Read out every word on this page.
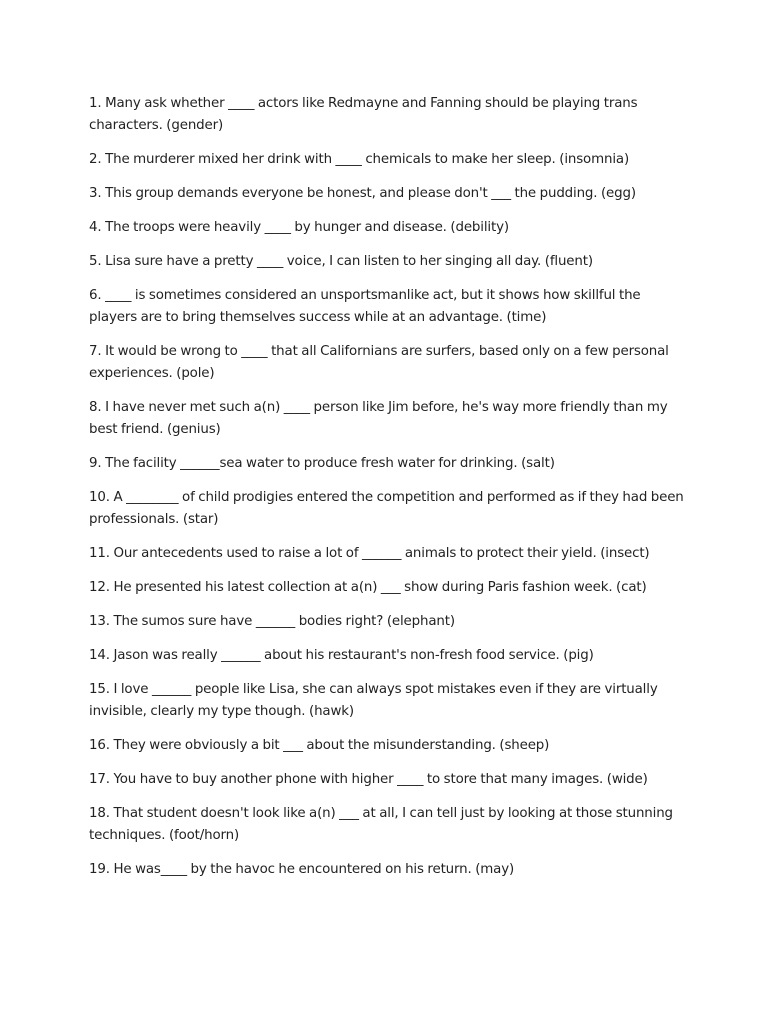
1. Many ask whether ____ actors like Redmayne and Fanning should be playing trans characters. (gender)
2. The murderer mixed her drink with ____ chemicals to make her sleep. (insomnia)
3. This group demands everyone be honest, and please don't ___ the pudding. (egg)
4. The troops were heavily ____ by hunger and disease. (debility)
5. Lisa sure have a pretty ____ voice, I can listen to her singing all day. (fluent)
6. ____ is sometimes considered an unsportsmanlike act, but it shows how skillful the players are to bring themselves success while at an advantage. (time)
7. It would be wrong to ____ that all Californians are surfers, based only on a few personal experiences. (pole)
8. I have never met such a(n) ____ person like Jim before, he's way more friendly than my best friend. (genius)
9. The facility ______sea water to produce fresh water for drinking. (salt)
10. A ________ of child prodigies entered the competition and performed as if they had been professionals. (star)
11. Our antecedents used to raise a lot of ______ animals to protect their yield. (insect)
12. He presented his latest collection at a(n) ___ show during Paris fashion week. (cat)
13. The sumos sure have ______ bodies right? (elephant)
14. Jason was really ______ about his restaurant's non-fresh food service. (pig)
15. I love ______ people like Lisa, she can always spot mistakes even if they are virtually invisible, clearly my type though. (hawk)
16. They were obviously a bit ___ about the misunderstanding. (sheep)
17. You have to buy another phone with higher ____ to store that many images. (wide)
18. That student doesn't look like a(n) ___ at all, I can tell just by looking at those stunning techniques. (foot/horn)
19. He was____ by the havoc he encountered on his return. (may)
